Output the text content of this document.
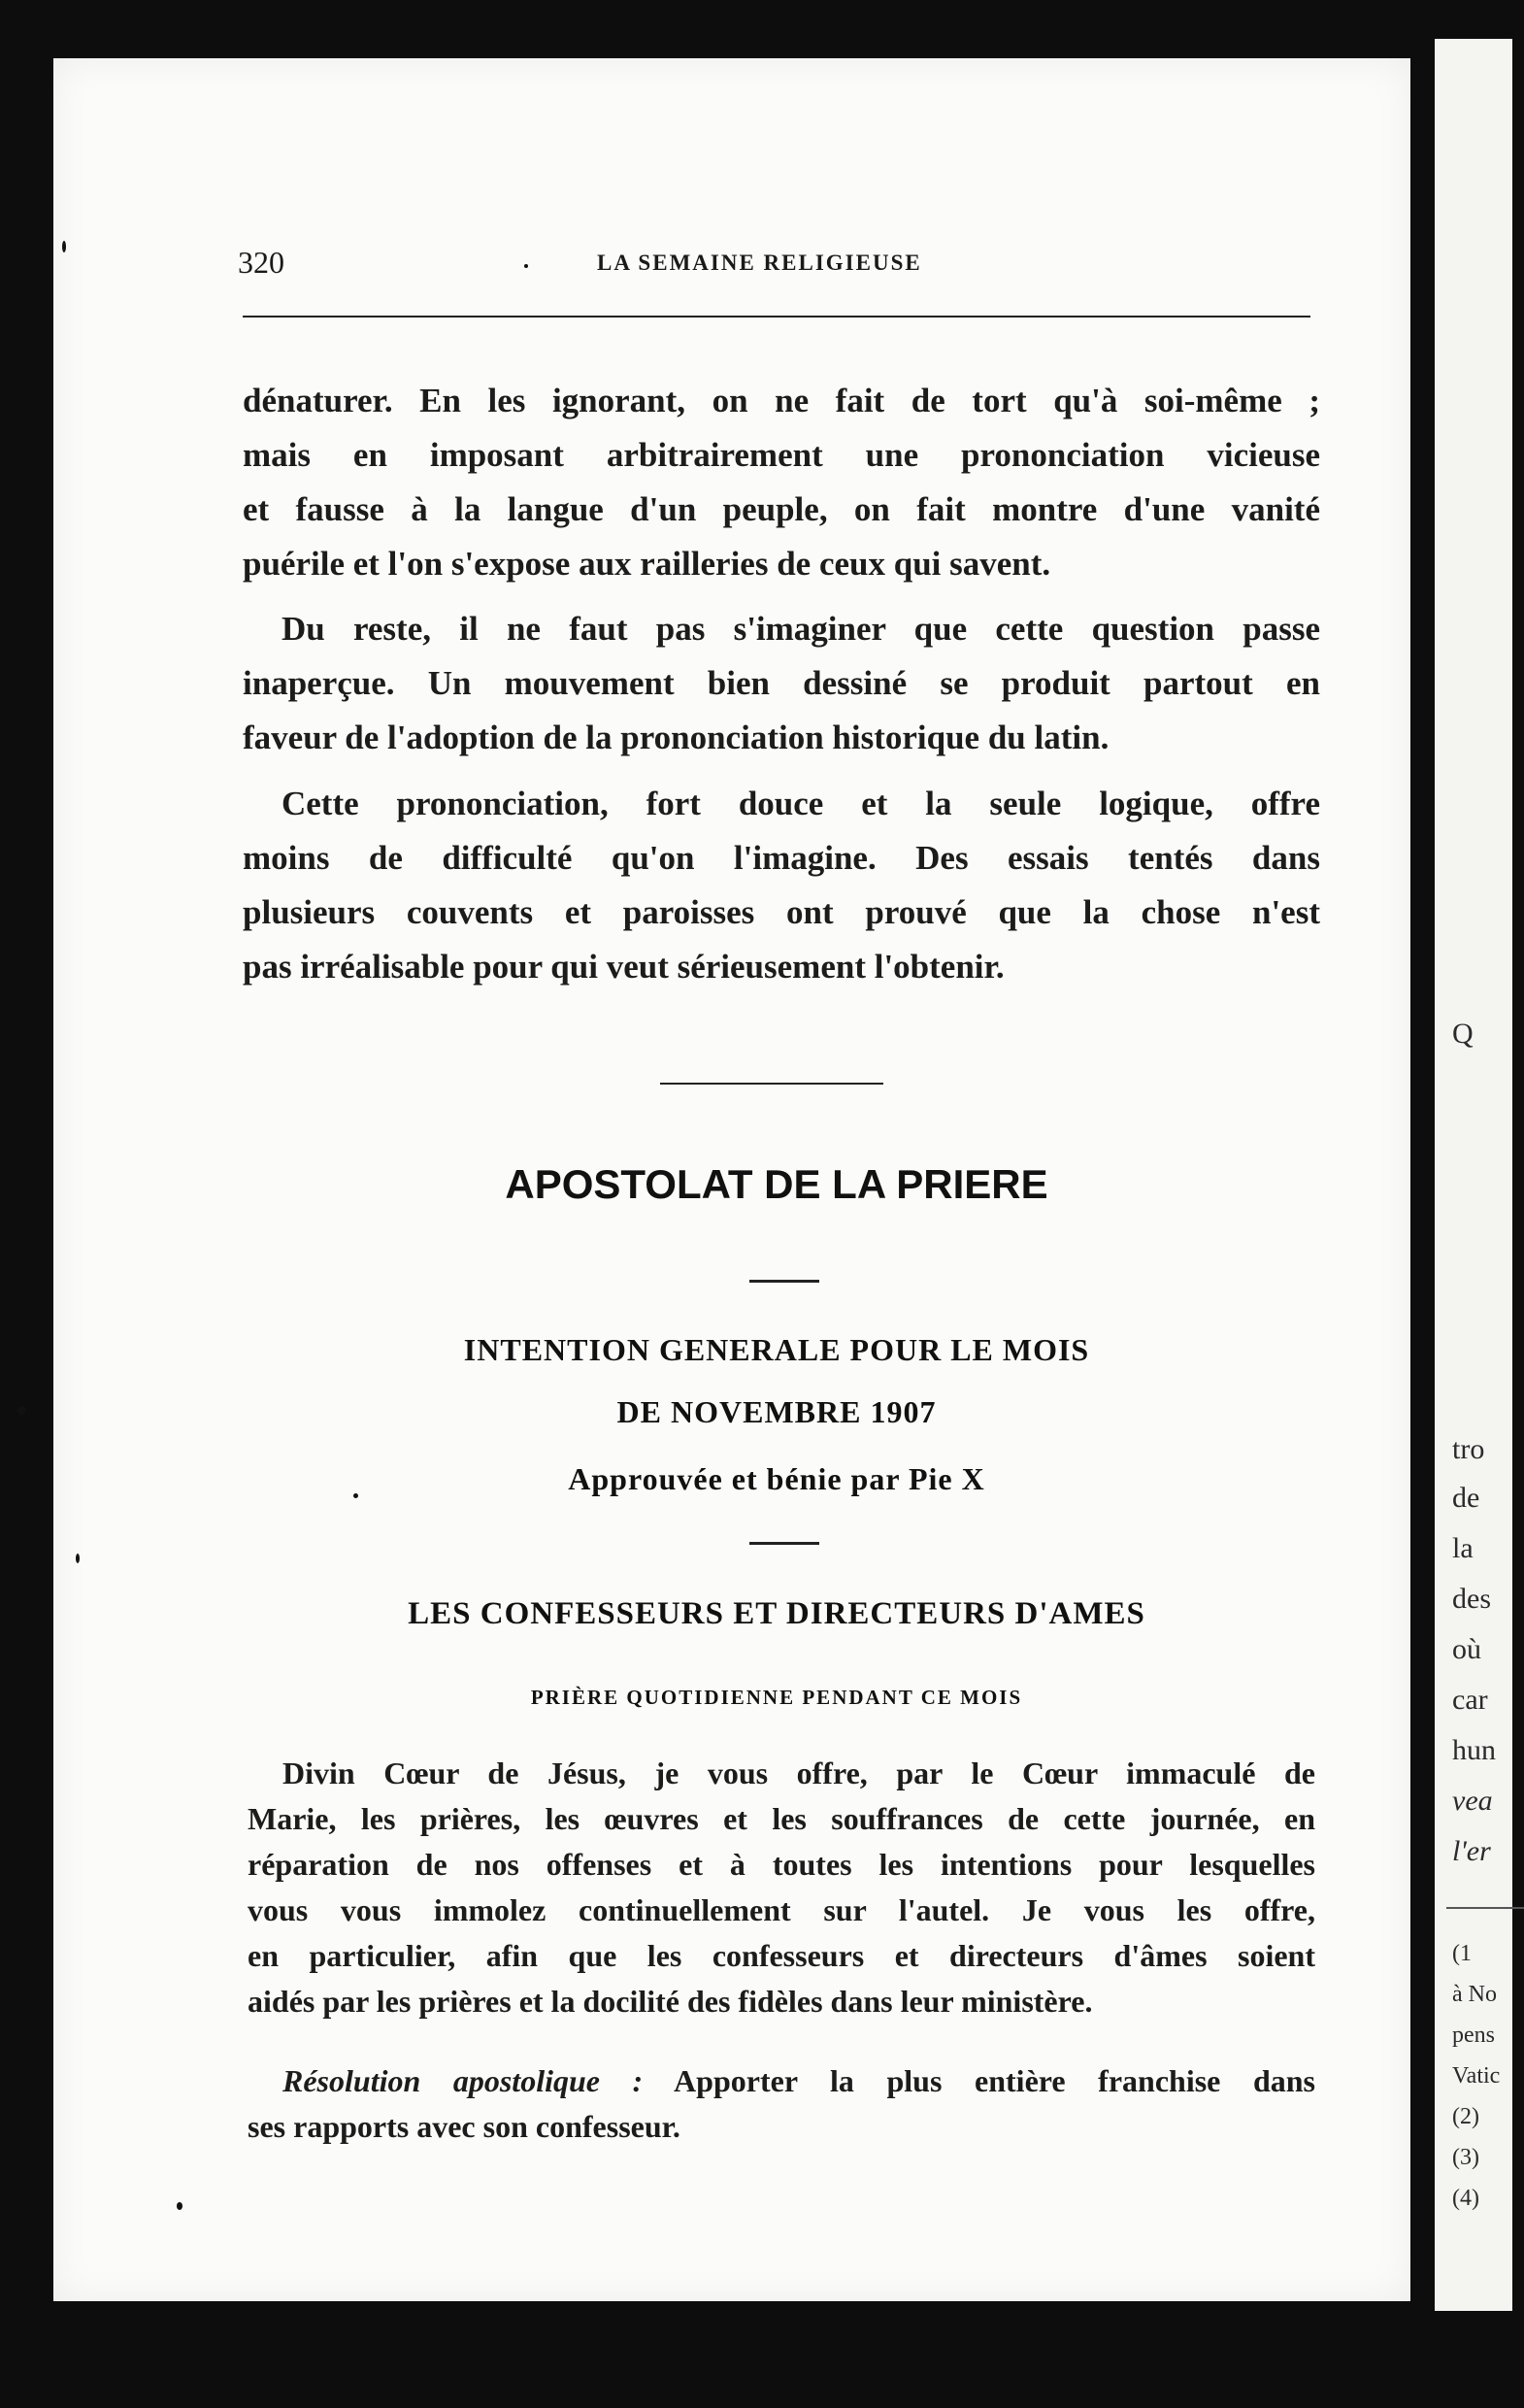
Q
tro
de
la
des
où
car
hun
vea
l'er
(1
à No
pens
Vatic
(2)
(3)
(4)
320	LA SEMAINE RELIGIEUSE

dénaturer. En les ignorant, on ne fait de tort qu'à soi-même ;
mais en imposant arbitrairement une prononciation vicieuse
et fausse à la langue d'un peuple, on fait montre d'une vanité
puérile et l'on s'expose aux railleries de ceux qui savent.

Du reste, il ne faut pas s'imaginer que cette question passe
inaperçue. Un mouvement bien dessiné se produit partout en
faveur de l'adoption de la prononciation historique du latin.

Cette prononciation, fort douce et la seule logique, offre
moins de difficulté qu'on l'imagine. Des essais tentés dans
plusieurs couvents et paroisses ont prouvé que la chose n'est
pas irréalisable pour qui veut sérieusement l'obtenir.

APOSTOLAT DE LA PRIERE
INTENTION GENERALE POUR LE MOIS
DE NOVEMBRE 1907
Approuvée et bénie par Pie X
LES CONFESSEURS ET DIRECTEURS D'AMES
PRIÈRE QUOTIDIENNE PENDANT CE MOIS

Divin Cœur de Jésus, je vous offre, par le Cœur immaculé de
Marie, les prières, les œuvres et les souffrances de cette journée, en
réparation de nos offenses et à toutes les intentions pour lesquelles
vous vous immolez continuellement sur l'autel. Je vous les offre,
en particulier, afin que les confesseurs et directeurs d'âmes soient
aidés par les prières et la docilité des fidèles dans leur ministère.

Résolution apostolique : Apporter la plus entière franchise dans
ses rapports avec son confesseur.
